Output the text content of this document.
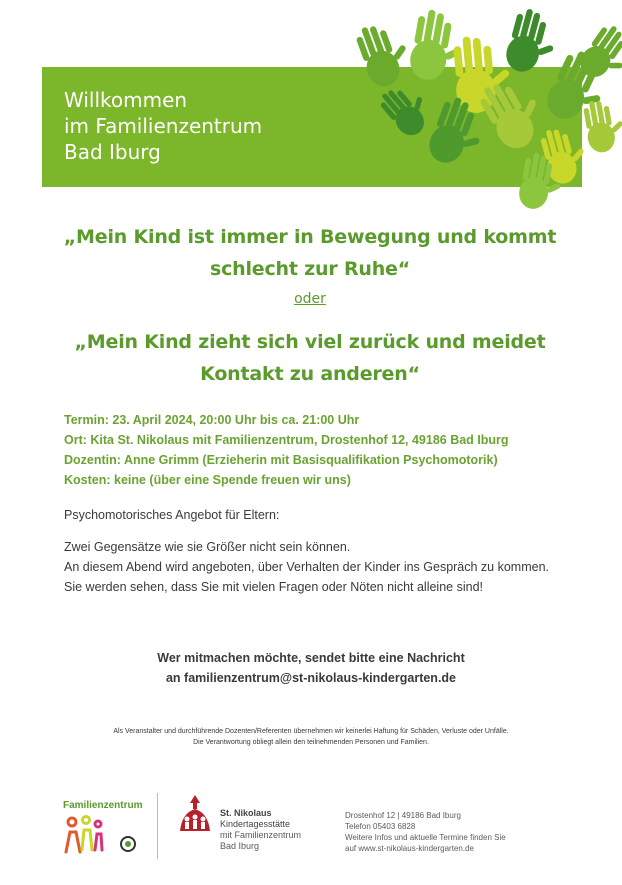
Willkommen
im Familienzentrum
Bad Iburg
„Mein Kind ist immer in Bewegung und kommt
schlecht zur Ruhe“
oder
„Mein Kind zieht sich viel zurück und meidet
Kontakt zu anderen“
Termin: 23. April 2024, 20:00 Uhr bis ca. 21:00 Uhr
Ort: Kita St. Nikolaus mit Familienzentrum, Drostenhof 12, 49186 Bad Iburg
Dozentin: Anne Grimm (Erzieherin mit Basisqualifikation Psychomotorik)
Kosten: keine (über eine Spende freuen wir uns)
Psychomotorisches Angebot für Eltern:
Zwei Gegensätze wie sie Größer nicht sein können.
An diesem Abend wird angeboten, über Verhalten der Kinder ins Gespräch zu kommen. Sie werden sehen, dass Sie mit vielen Fragen oder Nöten nicht alleine sind!
Wer mitmachen möchte, sendet bitte eine Nachricht
an familienzentrum@st-nikolaus-kindergarten.de
Als Veranstalter und durchführende Dozenten/Referenten übernehmen wir keinerlei Haftung für Schäden, Verluste oder Unfälle.
Die Verantwortung obliegt allein den teilnehmenden Personen und Familien.
Familienzentrum
St. Nikolaus
Kindertagesstätte
mit Familienzentrum
Bad Iburg
Drostenhof 12 | 49186 Bad Iburg
Telefon 05403 6828
Weitere Infos und aktuelle Termine finden Sie
auf www.st-nikolaus-kindergarten.de
